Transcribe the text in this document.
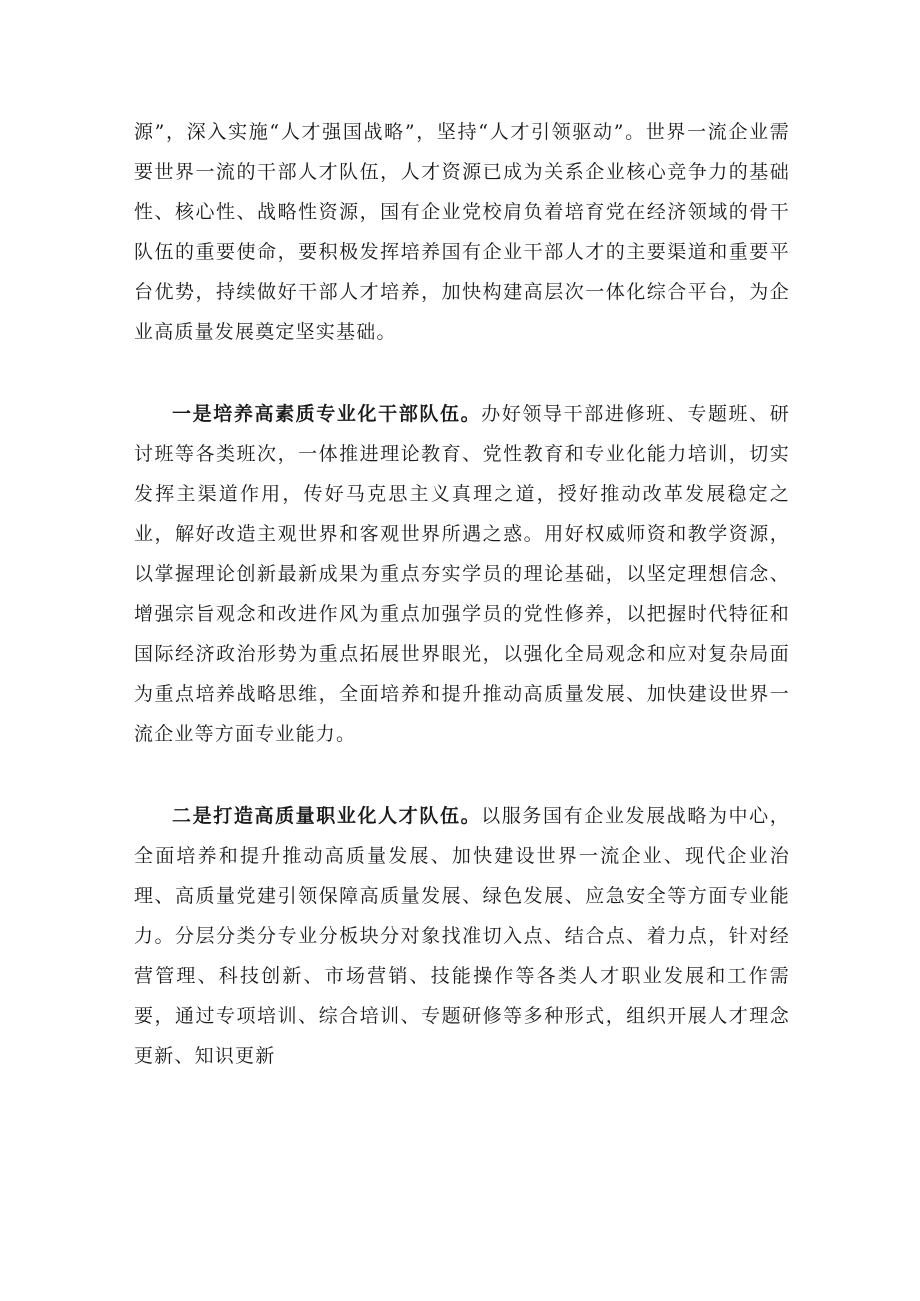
源”，深入实施“人才强国战略”，坚持“人才引领驱动”。世界一流企业需要世界一流的干部人才队伍，人才资源已成为关系企业核心竞争力的基础性、核心性、战略性资源，国有企业党校肩负着培育党在经济领域的骨干队伍的重要使命，要积极发挥培养国有企业干部人才的主要渠道和重要平台优势，持续做好干部人才培养，加快构建高层次一体化综合平台，为企业高质量发展奠定坚实基础。

一是培养高素质专业化干部队伍。办好领导干部进修班、专题班、研讨班等各类班次，一体推进理论教育、党性教育和专业化能力培训，切实发挥主渠道作用，传好马克思主义真理之道，授好推动改革发展稳定之业，解好改造主观世界和客观世界所遇之惑。用好权威师资和教学资源，以掌握理论创新最新成果为重点夯实学员的理论基础，以坚定理想信念、增强宗旨观念和改进作风为重点加强学员的党性修养，以把握时代特征和国际经济政治形势为重点拓展世界眼光，以强化全局观念和应对复杂局面为重点培养战略思维，全面培养和提升推动高质量发展、加快建设世界一流企业等方面专业能力。

二是打造高质量职业化人才队伍。以服务国有企业发展战略为中心，全面培养和提升推动高质量发展、加快建设世界一流企业、现代企业治理、高质量党建引领保障高质量发展、绿色发展、应急安全等方面专业能力。分层分类分专业分板块分对象找准切入点、结合点、着力点，针对经营管理、科技创新、市场营销、技能操作等各类人才职业发展和工作需要，通过专项培训、综合培训、专题研修等多种形式，组织开展人才理念更新、知识更新
